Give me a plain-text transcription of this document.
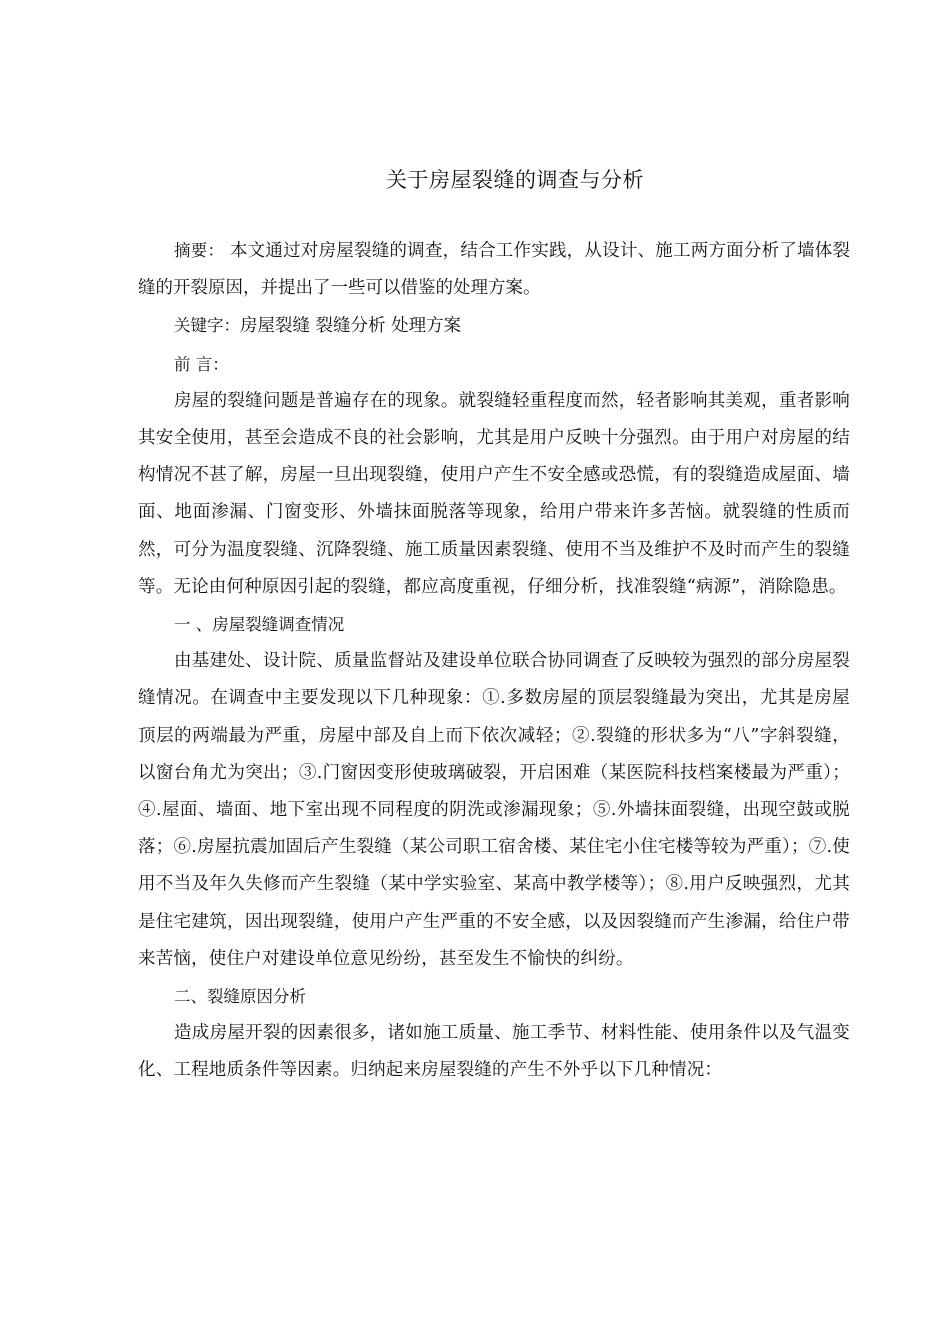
关于房屋裂缝的调查与分析

摘要： 本文通过对房屋裂缝的调查，结合工作实践，从设计、施工两方面分析了墙体裂缝的开裂原因，并提出了一些可以借鉴的处理方案。

关键字：房屋裂缝 裂缝分析 处理方案

前 言：

房屋的裂缝问题是普遍存在的现象。就裂缝轻重程度而然，轻者影响其美观，重者影响其安全使用，甚至会造成不良的社会影响，尤其是用户反映十分强烈。由于用户对房屋的结构情况不甚了解，房屋一旦出现裂缝，使用户产生不安全感或恐慌，有的裂缝造成屋面、墙面、地面渗漏、门窗变形、外墙抹面脱落等现象，给用户带来许多苦恼。就裂缝的性质而然，可分为温度裂缝、沉降裂缝、施工质量因素裂缝、使用不当及维护不及时而产生的裂缝等。无论由何种原因引起的裂缝，都应高度重视，仔细分析，找准裂缝“病源”，消除隐患。

一 、房屋裂缝调查情况

由基建处、设计院、质量监督站及建设单位联合协同调查了反映较为强烈的部分房屋裂缝情况。在调查中主要发现以下几种现象：①.多数房屋的顶层裂缝最为突出，尤其是房屋顶层的两端最为严重，房屋中部及自上而下依次减轻；②.裂缝的形状多为“八”字斜裂缝，以窗台角尤为突出；③.门窗因变形使玻璃破裂，开启困难（某医院科技档案楼最为严重）；④.屋面、墙面、地下室出现不同程度的阴洗或渗漏现象；⑤.外墙抹面裂缝，出现空鼓或脱落；⑥.房屋抗震加固后产生裂缝（某公司职工宿舍楼、某住宅小住宅楼等较为严重）；⑦.使用不当及年久失修而产生裂缝（某中学实验室、某高中教学楼等）；⑧.用户反映强烈，尤其是住宅建筑，因出现裂缝，使用户产生严重的不安全感，以及因裂缝而产生渗漏，给住户带来苦恼，使住户对建设单位意见纷纷，甚至发生不愉快的纠纷。

二、裂缝原因分析

造成房屋开裂的因素很多，诸如施工质量、施工季节、材料性能、使用条件以及气温变化、工程地质条件等因素。归纳起来房屋裂缝的产生不外乎以下几种情况：
